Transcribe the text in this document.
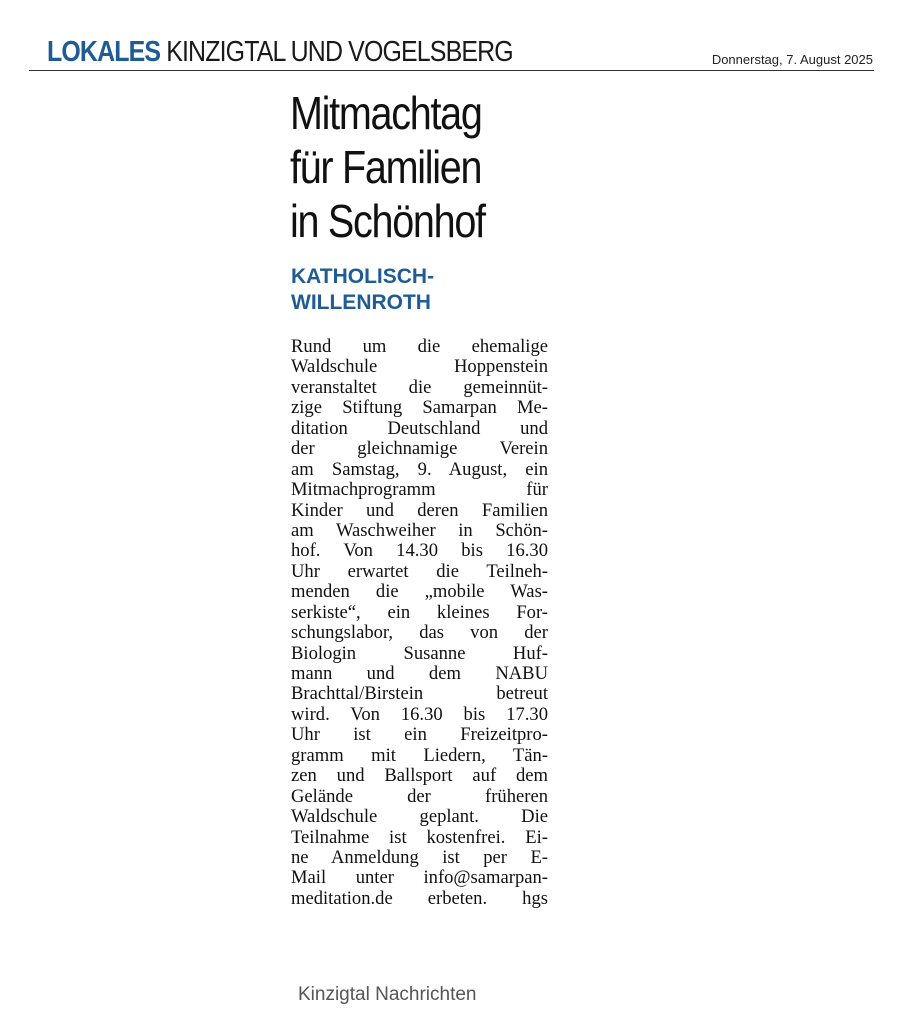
LOKALES KINZIGTAL UND VOGELSBERG	Donnerstag, 7. August 2025
Mitmachtag
für Familien
in Schönhof
KATHOLISCH-
WILLENROTH
Rund um die ehemalige
Waldschule Hoppenstein
veranstaltet die gemeinnüt-
zige Stiftung Samarpan Me-
ditation Deutschland und
der gleichnamige Verein
am Samstag, 9. August, ein
Mitmachprogramm für
Kinder und deren Familien
am Waschweiher in Schön-
hof. Von 14.30 bis 16.30
Uhr erwartet die Teilneh-
menden die „mobile Was-
serkiste“, ein kleines For-
schungslabor, das von der
Biologin Susanne Huf-
mann und dem NABU
Brachttal/Birstein betreut
wird. Von 16.30 bis 17.30
Uhr ist ein Freizeitpro-
gramm mit Liedern, Tän-
zen und Ballsport auf dem
Gelände der früheren
Waldschule geplant. Die
Teilnahme ist kostenfrei. Ei-
ne Anmeldung ist per E-
Mail unter info@samarpan-
meditation.de erbeten. hgs
Kinzigtal Nachrichten
